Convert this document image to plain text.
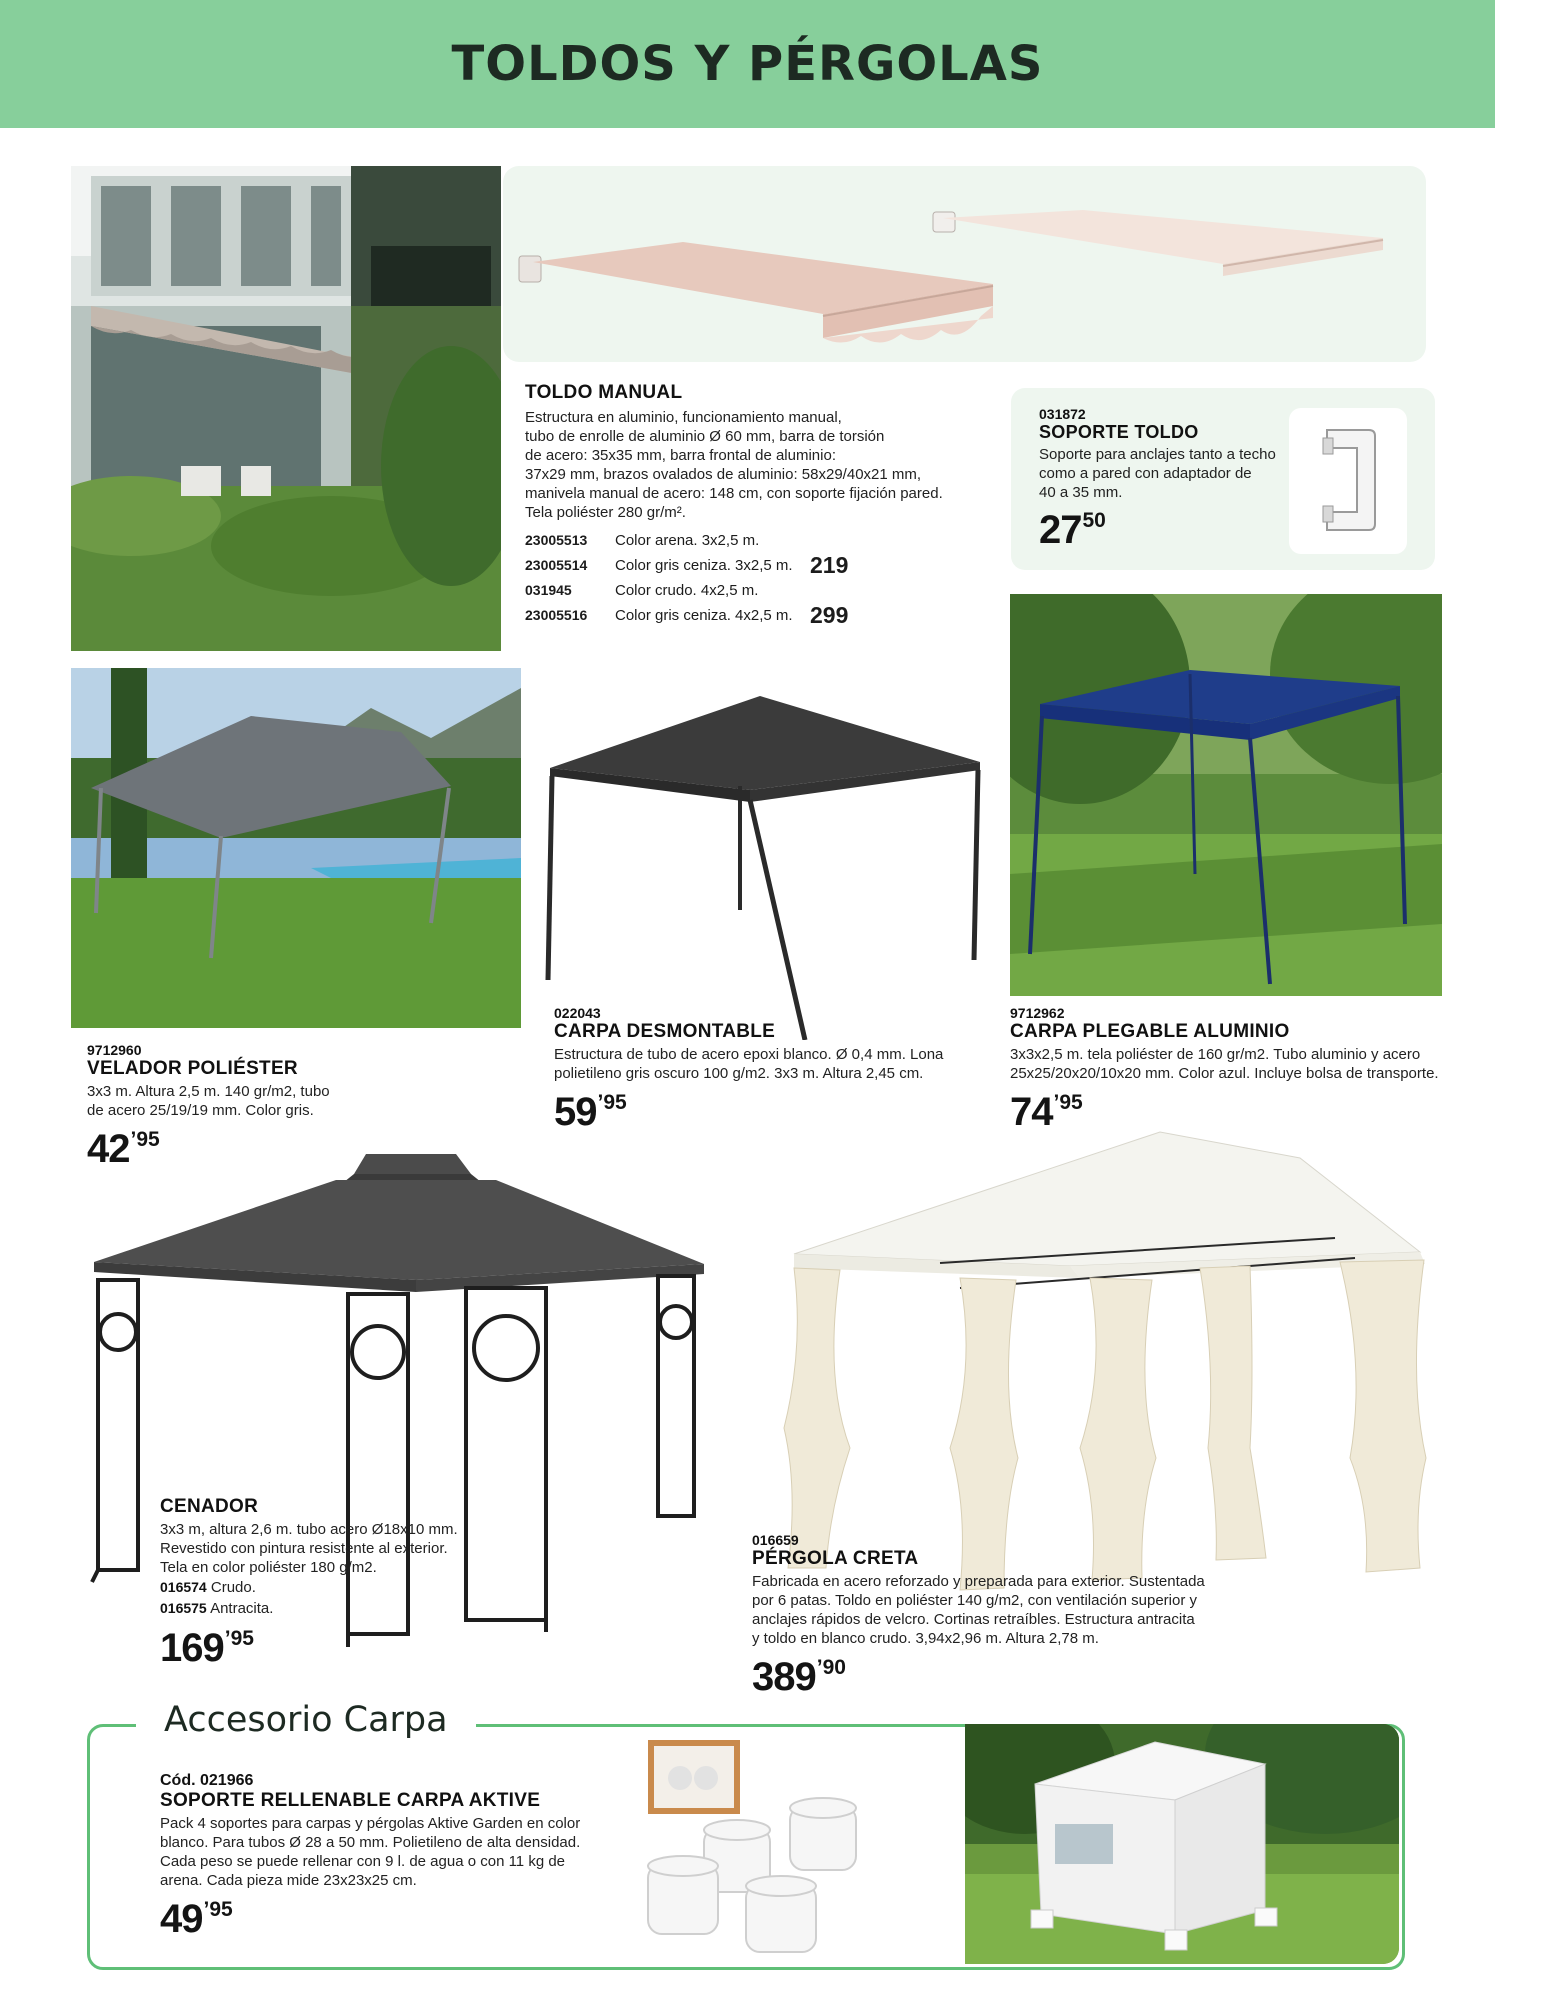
TOLDOS Y PÉRGOLAS
TOLDO MANUAL
Estructura en aluminio, funcionamiento manual,
tubo de enrolle de aluminio Ø 60 mm, barra de torsión
de acero: 35x35 mm, barra frontal de aluminio:
37x29 mm, brazos ovalados de aluminio: 58x29/40x21 mm,
manivela manual de acero: 148 cm, con soporte fijación pared.
Tela poliéster 280 gr/m².
23005513	Color arena. 3x2,5 m.
23005514	Color gris ceniza. 3x2,5 m. 219
031945	Color crudo. 4x2,5 m.
23005516	Color gris ceniza. 4x2,5 m. 299
031872
SOPORTE TOLDO
Soporte para anclajes tanto a techo
como a pared con adaptador de
40 a 35 mm.
2750
9712960
VELADOR POLIÉSTER
3x3 m. Altura 2,5 m. 140 gr/m2, tubo
de acero 25/19/19 mm. Color gris.
42’95
022043
CARPA DESMONTABLE
Estructura de tubo de acero epoxi blanco. Ø 0,4 mm. Lona
polietileno gris oscuro 100 g/m2. 3x3 m. Altura 2,45 cm.
59’95
9712962
CARPA PLEGABLE ALUMINIO
3x3x2,5 m. tela poliéster de 160 gr/m2. Tubo aluminio y acero
25x25/20x20/10x20 mm. Color azul. Incluye bolsa de transporte.
74’95
CENADOR
3x3 m, altura 2,6 m. tubo acero Ø18x10 mm.
Revestido con pintura resistente al exterior.
Tela en color poliéster 180 g/m2.
016574 Crudo.
016575 Antracita.
169’95
016659
PÉRGOLA CRETA
Fabricada en acero reforzado y preparada para exterior. Sustentada
por 6 patas. Toldo en poliéster 140 g/m2, con ventilación superior y
anclajes rápidos de velcro. Cortinas retraíbles. Estructura antracita
y toldo en blanco crudo. 3,94x2,96 m. Altura 2,78 m.
389’90
Accesorio Carpa
Cód. 021966
SOPORTE RELLENABLE CARPA AKTIVE
Pack 4 soportes para carpas y pérgolas Aktive Garden en color
blanco. Para tubos Ø 28 a 50 mm. Polietileno de alta densidad.
Cada peso se puede rellenar con 9 l. de agua o con 11 kg de
arena. Cada pieza mide 23x23x25 cm.
49’95
